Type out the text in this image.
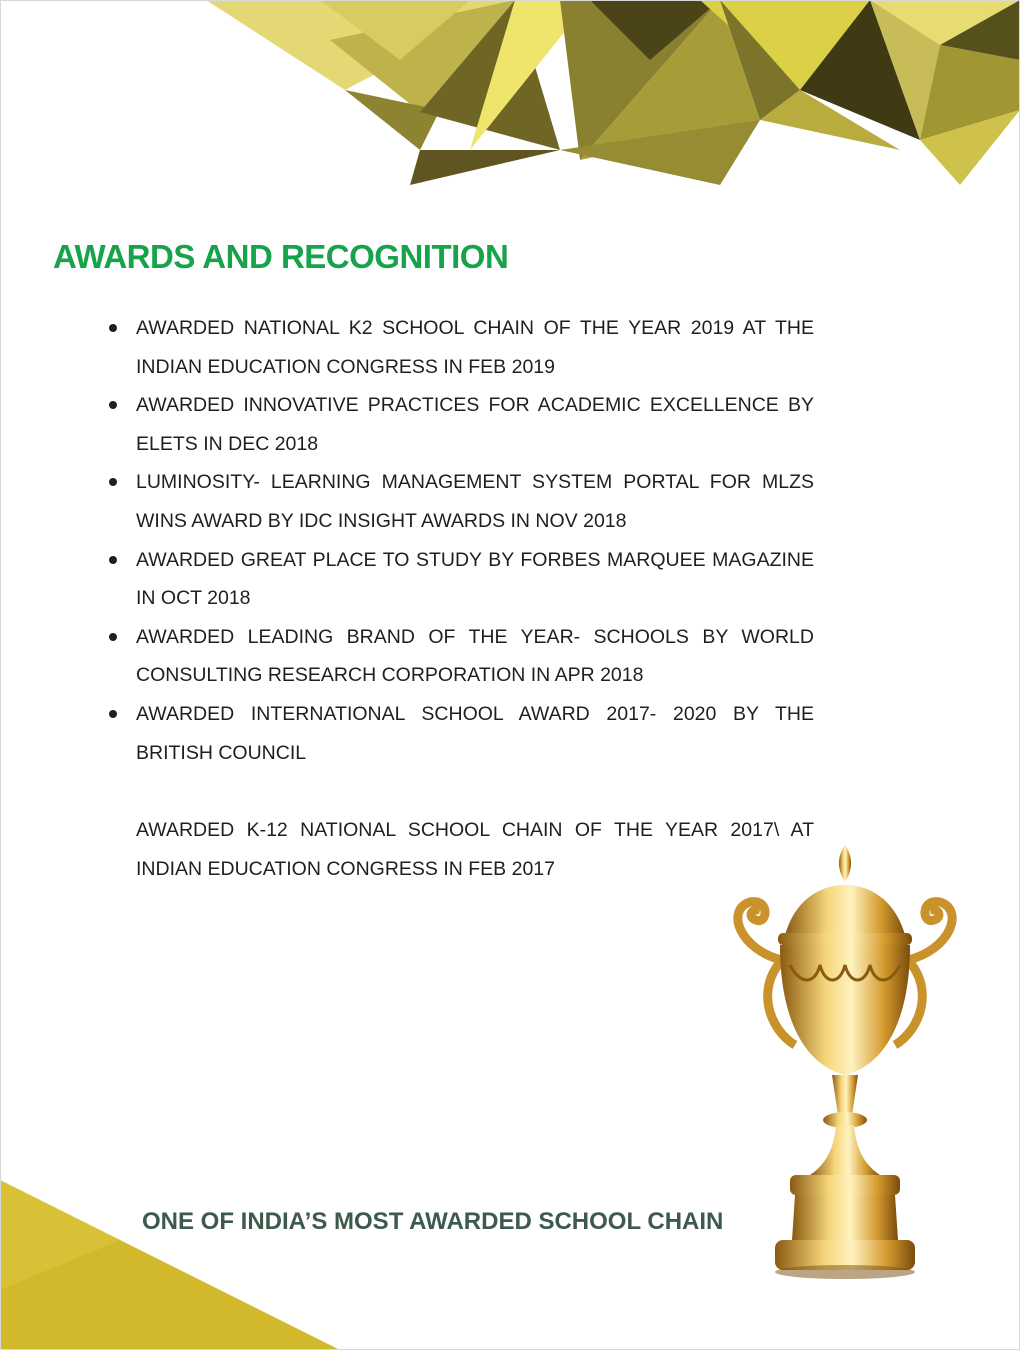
AWARDS AND RECOGNITION
AWARDED NATIONAL K2 SCHOOL CHAIN OF THE YEAR 2019 AT THE INDIAN EDUCATION CONGRESS IN FEB 2019
AWARDED INNOVATIVE PRACTICES FOR ACADEMIC EXCELLENCE BY ELETS IN DEC 2018
LUMINOSITY- LEARNING MANAGEMENT SYSTEM PORTAL FOR MLZS WINS AWARD BY IDC INSIGHT AWARDS IN NOV 2018
AWARDED GREAT PLACE TO STUDY BY FORBES MARQUEE MAGAZINE IN OCT 2018
AWARDED LEADING BRAND OF THE YEAR- SCHOOLS BY WORLD CONSULTING RESEARCH CORPORATION IN APR 2018
AWARDED INTERNATIONAL SCHOOL AWARD 2017- 2020 BY THE BRITISH COUNCIL

AWARDED K-12 NATIONAL SCHOOL CHAIN OF THE YEAR 2017\ AT INDIAN EDUCATION CONGRESS IN FEB 2017

ONE OF INDIA’S MOST AWARDED SCHOOL CHAIN
